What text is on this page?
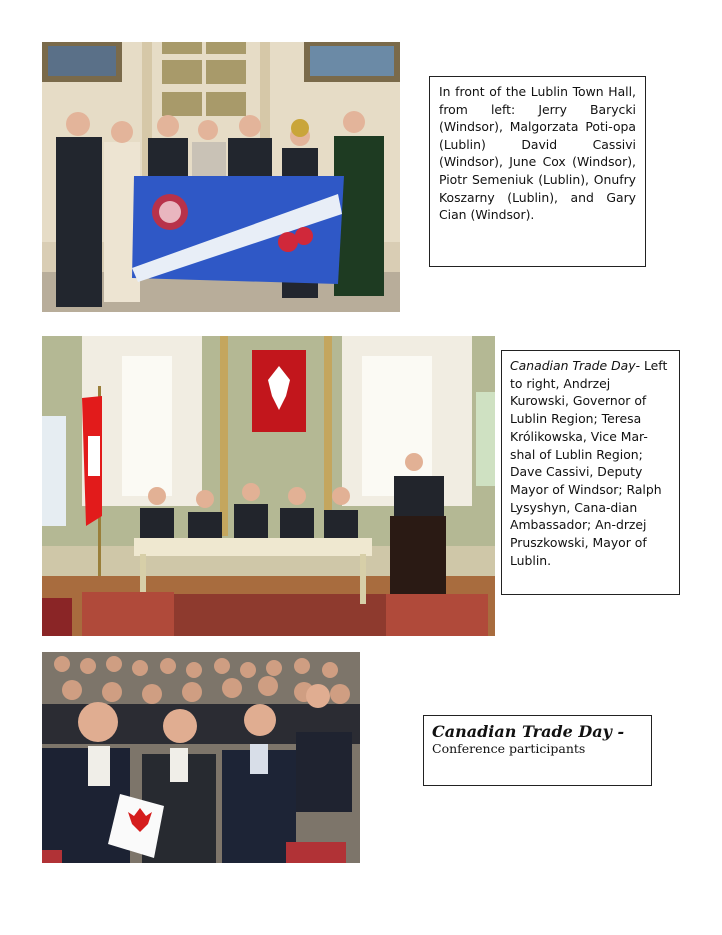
In front of the Lublin Town Hall, from left: Jerry Barycki (Windsor), Malgorzata Poti-opa (Lublin) David Cassivi (Windsor), June Cox (Windsor), Piotr Semeniuk (Lublin), Onufry Koszarny (Lublin), and Gary Cian (Windsor).

Canadian Trade Day- Left to right, Andrzej Kurowski, Governor of Lublin Region; Teresa Królikowska, Vice Mar-shal of Lublin Region; Dave Cassivi, Deputy Mayor of Windsor; Ralph Lysyshyn, Cana-dian Ambassador; An-drzej Pruszkowski, Mayor of Lublin.

Canadian Trade Day -
Conference participants
